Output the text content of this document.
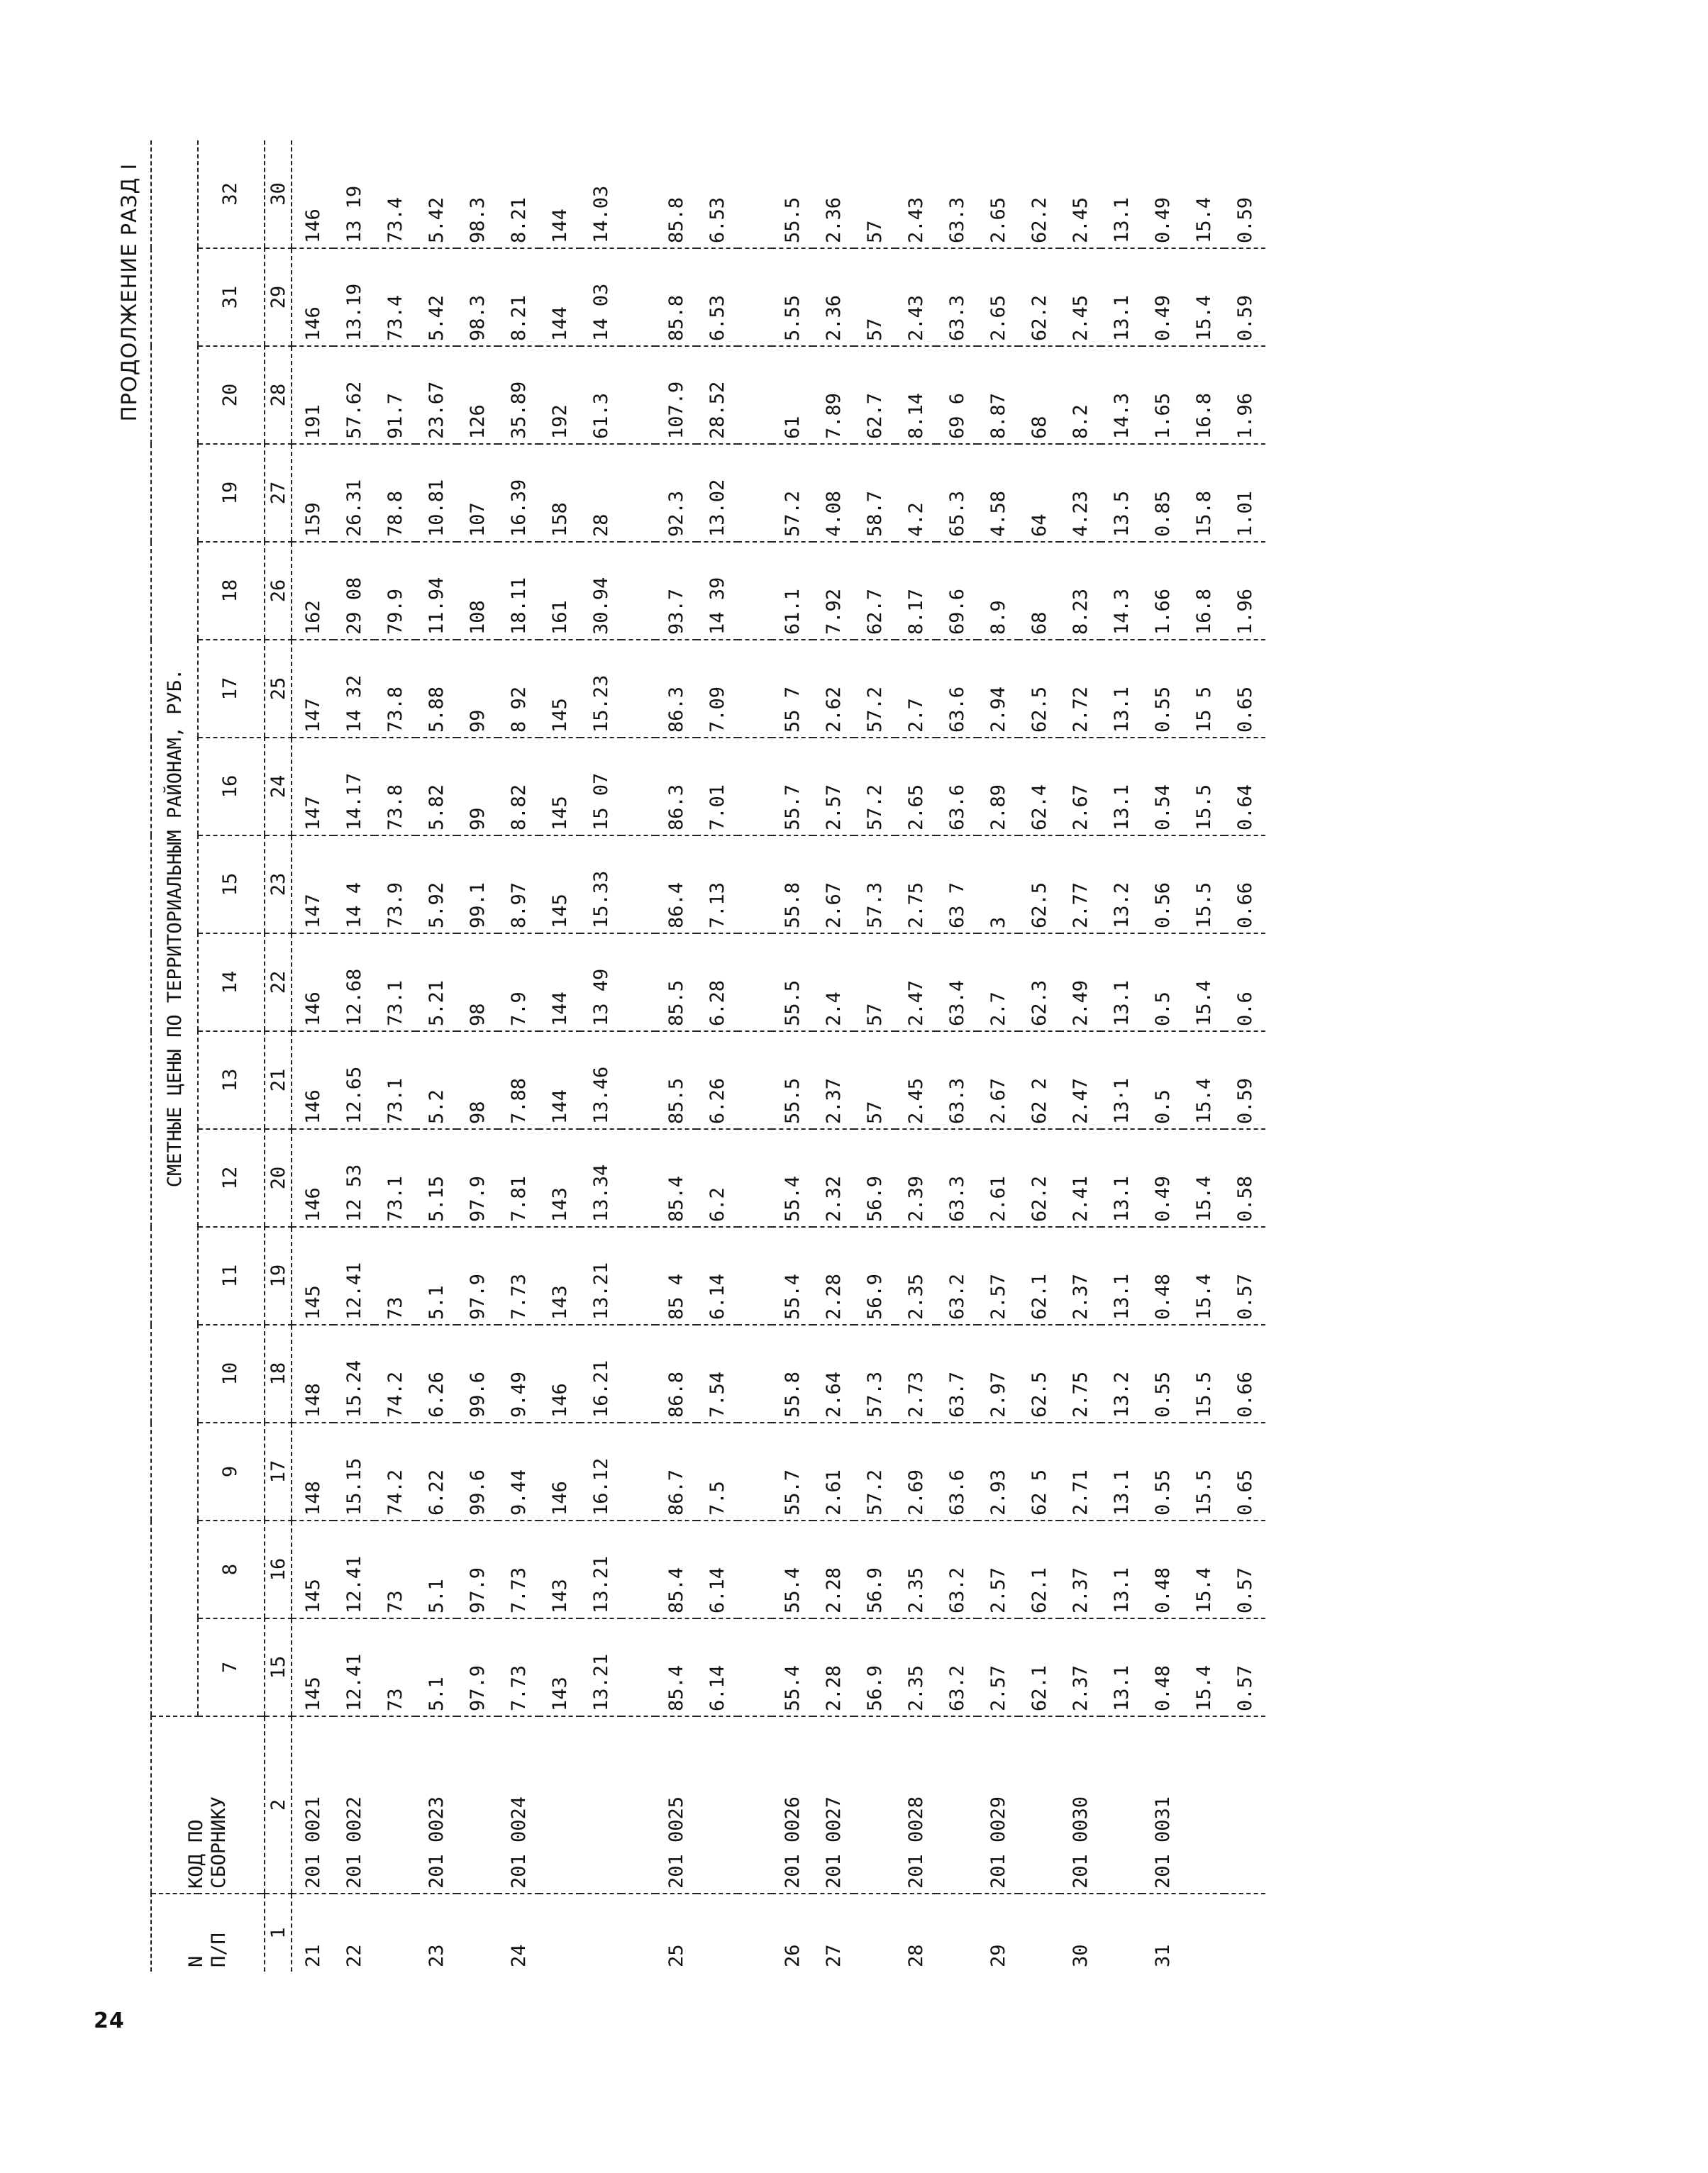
24
ПРОДОЛЖЕНИЕ РАЗД I
N
П/П	КОД ПО
СБОРНИКУ	СМЕТНЫЕ ЦЕНЫ ПО ТЕРРИТОРИАЛЬНЫМ РАЙОНАМ, РУБ.															
		7	8	9	10	11	12	13	14	15	16	17	18	19	20	31	32

1	2	15	16	17	18	19	20	21	22	23	24	25	26	27	28	29	30
21	201 0021	145	145	148	148	145	146	146	146	147	147	147	162	159	191	146	146
22	201 0022	12.41	12.41	15.15	15.24	12.41	12 53	12.65	12.68	14 4	14.17	14 32	29 08	26.31	57.62	13.19	13 19
		73	73	74.2	74.2	73	73.1	73.1	73.1	73.9	73.8	73.8	79.9	78.8	91.7	73.4	73.4
23	201 0023	5.1	5.1	6.22	6.26	5.1	5.15	5.2	5.21	5.92	5.82	5.88	11.94	10.81	23.67	5.42	5.42
		97.9	97.9	99.6	99.6	97.9	97.9	98	98	99.1	99	99	108	107	126	98.3	98.3
24	201 0024	7.73	7.73	9.44	9.49	7.73	7.81	7.88	7.9	8.97	8.82	8 92	18.11	16.39	35.89	8.21	8.21
		143	143	146	146	143	143	144	144	145	145	145	161	158	192	144	144
		13.21	13.21	16.12	16.21	13.21	13.34	13.46	13 49	15.33	15 07	15.23	30.94	28	61.3	14 03	14.03

25	201 0025	85.4	85.4	86.7	86.8	85 4	85.4	85.5	85.5	86.4	86.3	86.3	93.7	92.3	107.9	85.8	85.8
		6.14	6.14	7.5	7.54	6.14	6.2	6.26	6.28	7.13	7.01	7.09	14 39	13.02	28.52	6.53	6.53

26	201 0026	55.4	55.4	55.7	55.8	55.4	55.4	55.5	55.5	55.8	55.7	55 7	61.1	57.2	61	5.55	55.5
27	201 0027	2.28	2.28	2.61	2.64	2.28	2.32	2.37	2.4	2.67	2.57	2.62	7.92	4.08	7.89	2.36	2.36
		56.9	56.9	57.2	57.3	56.9	56.9	57	57	57.3	57.2	57.2	62.7	58.7	62.7	57	57
28	201 0028	2.35	2.35	2.69	2.73	2.35	2.39	2.45	2.47	2.75	2.65	2.7	8.17	4.2	8.14	2.43	2.43
		63.2	63.2	63.6	63.7	63.2	63.3	63.3	63.4	63 7	63.6	63.6	69.6	65.3	69 6	63.3	63.3
29	201 0029	2.57	2.57	2.93	2.97	2.57	2.61	2.67	2.7	3	2.89	2.94	8.9	4.58	8.87	2.65	2.65
		62.1	62.1	62 5	62.5	62.1	62.2	62 2	62.3	62.5	62.4	62.5	68	64	68	62.2	62.2
30	201 0030	2.37	2.37	2.71	2.75	2.37	2.41	2.47	2.49	2.77	2.67	2.72	8.23	4.23	8.2	2.45	2.45
		13.1	13.1	13.1	13.2	13.1	13.1	13·1	13.1	13.2	13.1	13.1	14.3	13.5	14.3	13.1	13.1
31	201 0031	0.48	0.48	0.55	0.55	0.48	0.49	0.5	0.5	0.56	0.54	0.55	1.66	0.85	1.65	0.49	0.49
		15.4	15.4	15.5	15.5	15.4	15.4	15.4	15.4	15.5	15.5	15 5	16.8	15.8	16.8	15.4	15.4
		0.57	0.57	0.65	0.66	0.57	0.58	0.59	0.6	0.66	0.64	0.65	1.96	1.01	1.96	0.59	0.59
